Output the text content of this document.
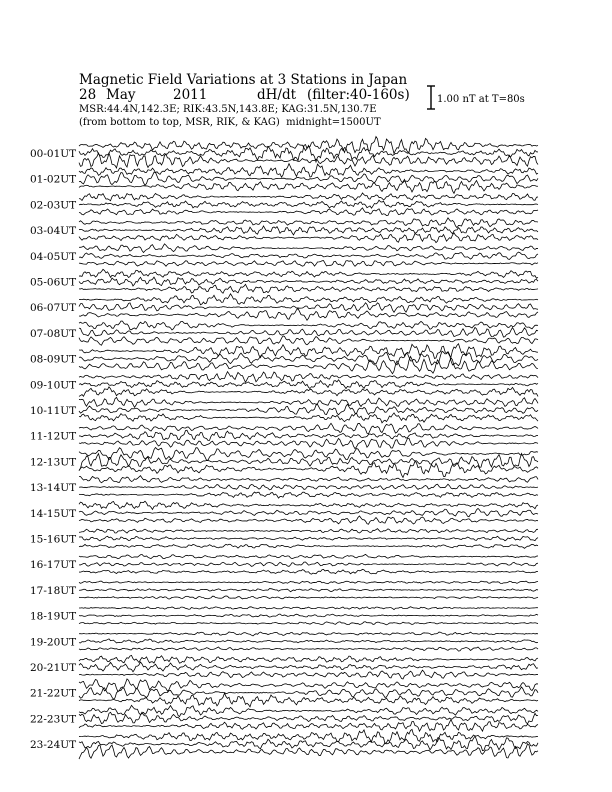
00-01UT
01-02UT
02-03UT
03-04UT
04-05UT
05-06UT
06-07UT
07-08UT
08-09UT
09-10UT
10-11UT
11-12UT
12-13UT
13-14UT
14-15UT
15-16UT
16-17UT
17-18UT
18-19UT
19-20UT
20-21UT
21-22UT
22-23UT
23-24UT
Magnetic Field Variations at 3 Stations in Japan
28 May	2011	dH/dt (filter:40-160s)
MSR:44.4N,142.3E; RIK:43.5N,143.8E; KAG:31.5N,130.7E
(from bottom to top, MSR, RIK, & KAG) midnight=1500UT
1.00 nT at T=80s
